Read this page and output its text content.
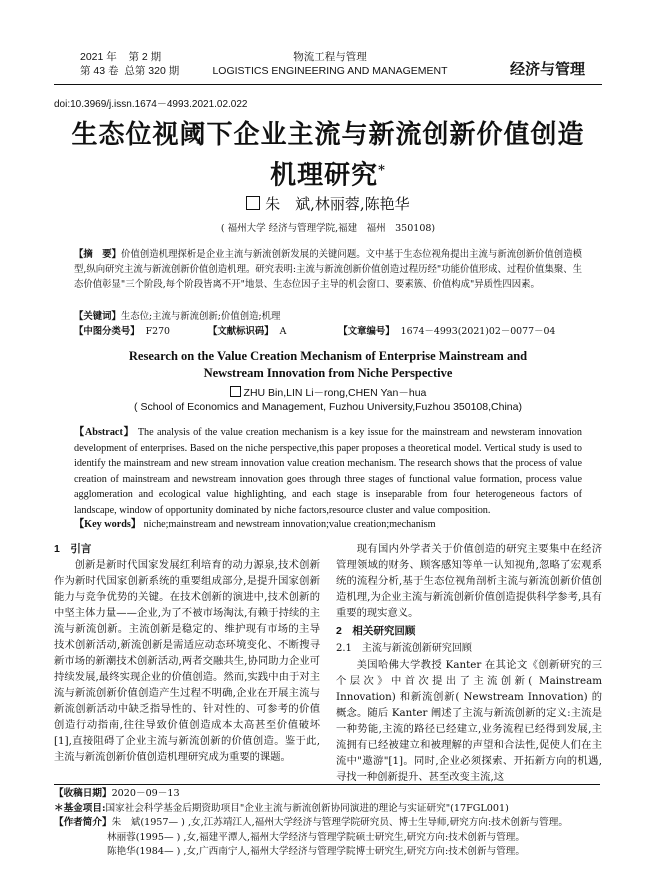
2021 年 第 2 期
第 43 卷 总第 320 期
物流工程与管理
LOGISTICS ENGINEERING AND MANAGEMENT	经济与管理
doi:10.3969/j.issn.1674－4993.2021.02.022
生态位视阈下企业主流与新流创新价值创造
机理研究*
朱　斌,林丽蓉,陈艳华
( 福州大学 经济与管理学院,福建　福州　350108)
【摘　要】价值创造机理探析是企业主流与新流创新发展的关键问题。文中基于生态位视角提出主流与新流创新价值创造模型,纵向研究主流与新流创新价值创造机理。研究表明:主流与新流创新价值创造过程历经"功能价值形成、过程价值集聚、生态价值彰显"三个阶段,每个阶段皆离不开"地景、生态位因子主导的机会窗口、要素簇、价值构成"异质性四因素。
【关键词】生态位;主流与新流创新;价值创造;机理
【中图分类号】 F270	【文献标识码】 A	【文章编号】 1674－4993(2021)02－0077－04
Research on the Value Creation Mechanism of Enterprise Mainstream and
Newstream Innovation from Niche Perspective
ZHU Bin,LIN Li－rong,CHEN Yan－hua
( School of Economics and Management, Fuzhou University,Fuzhou 350108,China)
【Abstract】 The analysis of the value creation mechanism is a key issue for the mainstream and newsteram innovation development of enterprises. Based on the niche perspective,this paper proposes a theoretical model. Vertical study is used to identify the mainstream and new stream innovation value creation mechanism. The research shows that the process of value creation of mainstream and newstream innovation goes through three stages of functional value formation, process value agglomeration and ecological value highlighting, and each stage is inseparable from four heterogeneous factors of landscape, window of opportunity dominated by niche factors,resource cluster and value composition.
【Key words】 niche;mainstream and newstream innovation;value creation;mechanism
1　引言

创新是新时代国家发展红利培育的动力源泉,技术创新作为新时代国家创新系统的重要组成部分,是提升国家创新能力与竞争优势的关键。在技术创新的演进中,技术创新的中坚主体力量——企业,为了不被市场淘汰,有赖于持续的主流与新流创新。主流创新是稳定的、维护现有市场的主导技术创新活动,新流创新是需适应动态环境变化、不断搜寻新市场的新潮技术创新活动,两者交融共生,协同助力企业可持续发展,最终实现企业的价值创造。然而,实践中由于对主流与新流创新价值创造产生过程不明确,企业在开展主流与新流创新活动中缺乏指导性的、针对性的、可参考的价值创造行动指南,往往导致价值创造成本太高甚至价值破坏[1],直接阻碍了企业主流与新流创新的价值创造。鉴于此,主流与新流创新价值创造机理研究成为重要的课题。

现有国内外学者关于价值创造的研究主要集中在经济管理领域的财务、顾客感知等单一认知视角,忽略了宏观系统的流程分析,基于生态位视角剖析主流与新流创新价值创造机理,为企业主流与新流创新价值创造提供科学参考,具有重要的现实意义。

2　相关研究回顾
2.1　主流与新流创新研究回顾

美国哈佛大学教授 Kanter 在其论文《创新研究的三个层次》中首次提出了主流创新( Mainstream Innovation) 和新流创新( Newstream Innovation) 的概念。随后 Kanter 阐述了主流与新流创新的定义:主流是一种势能,主流的路径已经建立,业务流程已经得到发展,主流拥有已经被建立和被理解的声望和合法性,促使人们在主流中"遨游"[1]。同时,企业必须探索、开拓新方向的机遇,寻找一种创新提升、甚至改变主流,这

【收稿日期】2020－09－13
＊基金项目:国家社会科学基金后期资助项目"企业主流与新流创新协同演进的理论与实证研究"(17FGL001)
【作者简介】朱　斌(1957— ) ,女,江苏靖江人,福州大学经济与管理学院研究员、博士生导师,研究方向:技术创新与管理。
林丽蓉(1995— ) ,女,福建平潭人,福州大学经济与管理学院硕士研究生,研究方向:技术创新与管理。
陈艳华(1984— ) ,女,广西南宁人,福州大学经济与管理学院博士研究生,研究方向:技术创新与管理。
